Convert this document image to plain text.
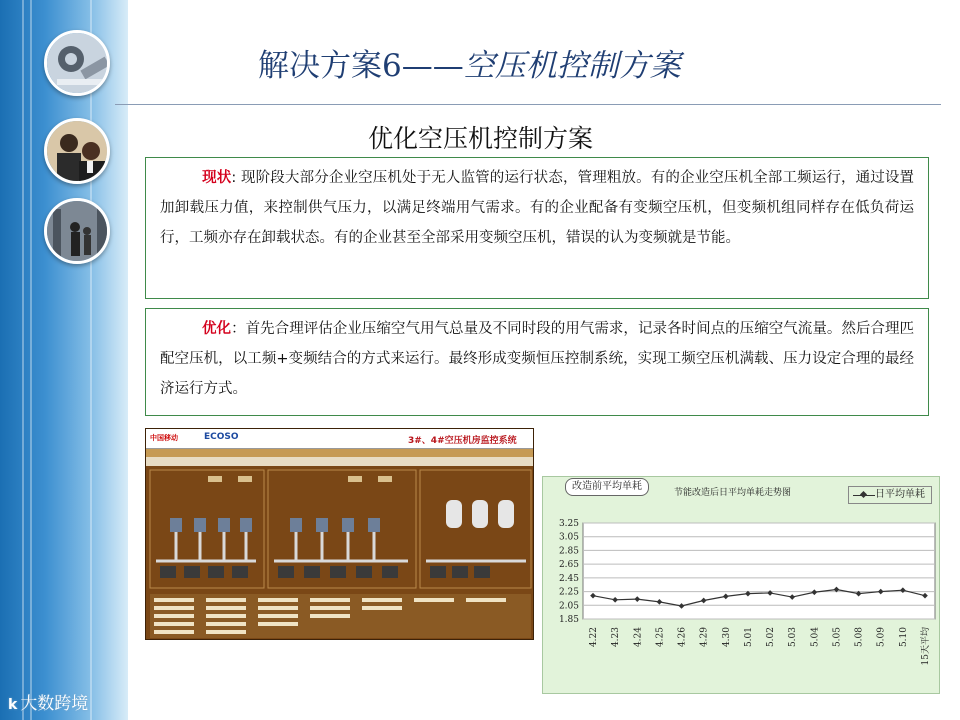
解决方案6——空压机控制方案
优化空压机控制方案
现状: 现阶段大部分企业空压机处于无人监管的运行状态，管理粗放。有的企业空压机全部工频运行，通过设置加卸载压力值，来控制供气压力，以满足终端用气需求。有的企业配备有变频空压机，但变频机组同样存在低负荷运行，工频亦存在卸载状态。有的企业甚至全部采用变频空压机，错误的认为变频就是节能。
优化：首先合理评估企业压缩空气用气总量及不同时段的用气需求，记录各时间点的压缩空气流量。然后合理匹配空压机，以工频+变频结合的方式来运行。最终形成变频恒压控制系统，实现工频空压机满载、压力设定合理的最经济运行方式。
中国移动	ECOSO	3#、4#空压机房监控系统
3.25
3.05
2.85
2.65
2.45
2.25
2.05
1.85
4.22 4.23 4.24 4.25 4.26 4.29 4.30 5.01 5.02 5.03 5.04 5.05 5.08 5.09 5.10 15天平均
改造前平均单耗
节能改造后日平均单耗走势图	日平均单耗
k 大数跨境
